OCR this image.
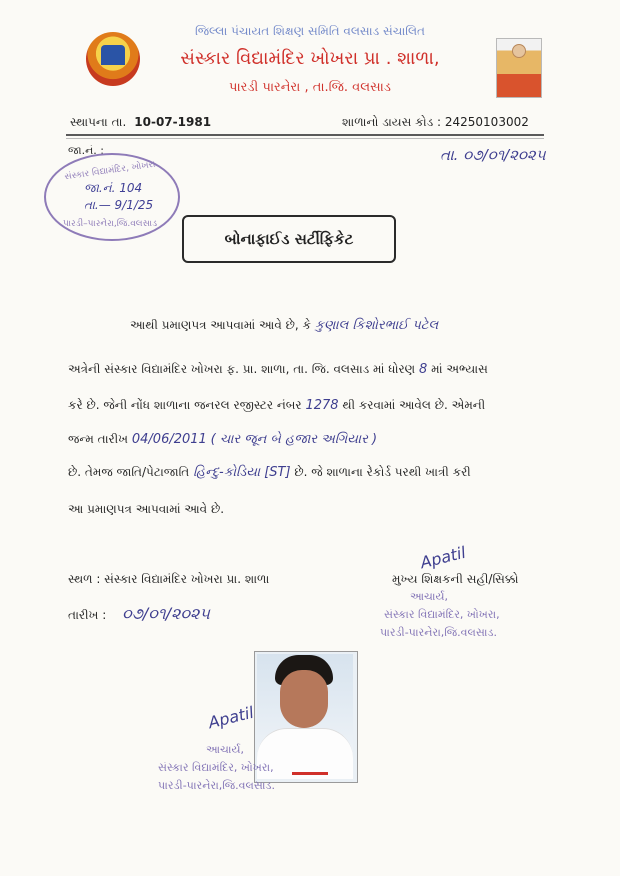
જિલ્લા પંચાયત શિક્ષણ સમિતિ વલસાડ સંચાલિત
સંસ્કાર વિદ્યામંદિર ખોખરા પ્રા . શાળા,
પારડી પારનેરા , તા.જિ. વલસાડ
સ્થાપના તા. 10-07-1981	શાળાનો ડાયસ કોડ : 24250103002
જા.નં. :	તા. ૦૭/૦૧/૨૦૨૫
સંસ્કાર વિદ્યામંદિર, ખોખરા
જા.નં. 104
તા.— 9/1/25
પારડી–પારનેરા,જિ.વલસાડ
બોનાફાઈડ સર્ટીફિકેટ
આથી પ્રમાણપત્ર આપવામાં આવે છે, કે કુણાલ કિશોરભાઈ પટેલ
અત્રેની સંસ્કાર વિદ્યામંદિર ખોખરા ફ. પ્રા. શાળા, તા. જિ. વલસાડ માં ધોરણ 8 માં અભ્યાસ
કરે છે. જેની નોંધ શાળાના જનરલ રજીસ્ટર નંબર 1278 થી કરવામાં આવેલ છે. એમની
જન્મ તારીખ 04/06/2011 ( ચાર જૂન બે હજાર અગિયાર )
છે. તેમજ જાતિ/પેટાજાતિ હિન્દુ-કોડિયા [ST] છે. જે શાળાના રેકોર્ડ પરથી ખાત્રી કરી
આ પ્રમાણપત્ર આપવામાં આવે છે.
સ્થળ : સંસ્કાર વિદ્યામંદિર ખોખરા પ્રા. શાળા
Apatil
મુખ્ય શિક્ષકની સહી/સિક્કો
આચાર્ય,
સંસ્કાર વિદ્યામંદિર, ખોખરા,
પારડી-પારનેરા,જિ.વલસાડ.
તારીખ : ૦૭/૦૧/૨૦૨૫
Apatil
આચાર્ય,
સંસ્કાર વિદ્યામંદિર, ખોખરા,
પારડી-પારનેરા,જિ.વલસાડ.
